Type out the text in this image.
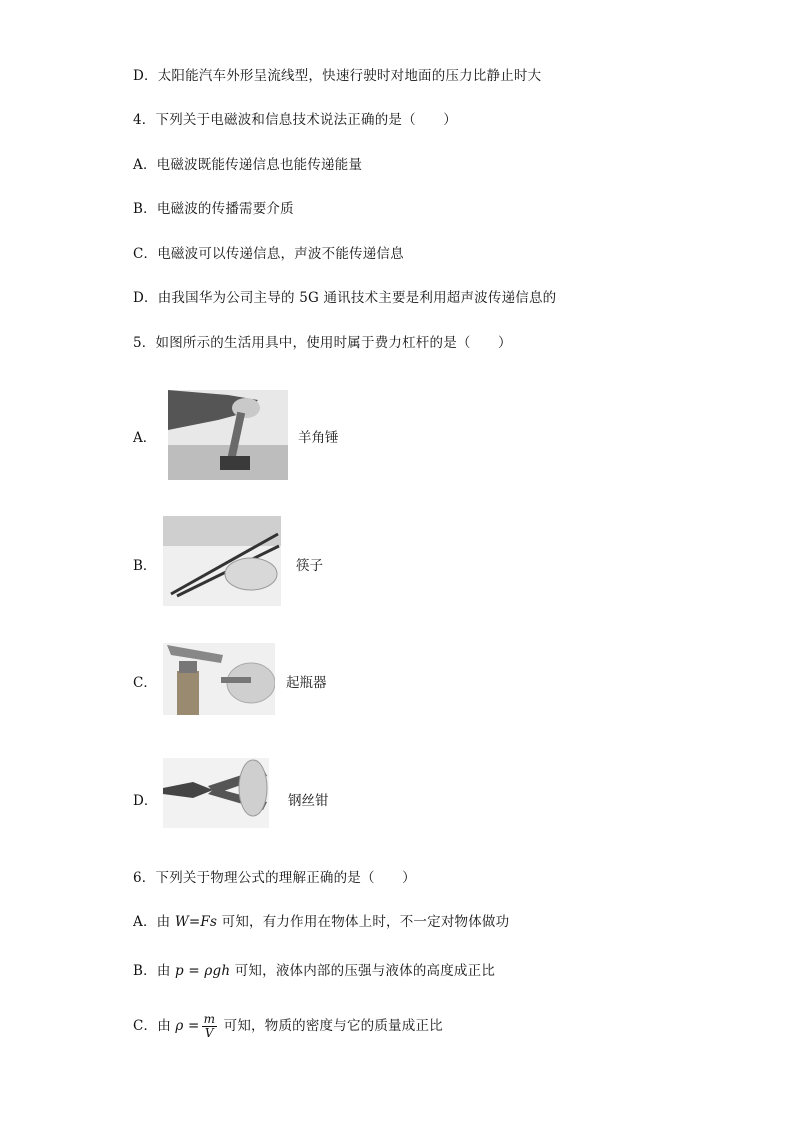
D．太阳能汽车外形呈流线型，快速行驶时对地面的压力比静止时大
4．下列关于电磁波和信息技术说法正确的是（　　）
A．电磁波既能传递信息也能传递能量
B．电磁波的传播需要介质
C．电磁波可以传递信息，声波不能传递信息
D．由我国华为公司主导的 5G 通讯技术主要是利用超声波传递信息的
5．如图所示的生活用具中，使用时属于费力杠杆的是（　　）
A．	羊角锤
B．	筷子
C．	起瓶器
D．	钢丝钳
6．下列关于物理公式的理解正确的是（　　）
A．由 W=Fs 可知，有力作用在物体上时，不一定对物体做功
B．由 p = ρgh 可知，液体内部的压强与液体的高度成正比
C．由 $\rho = \frac{m}{V}$ 可知，物质的密度与它的质量成正比
